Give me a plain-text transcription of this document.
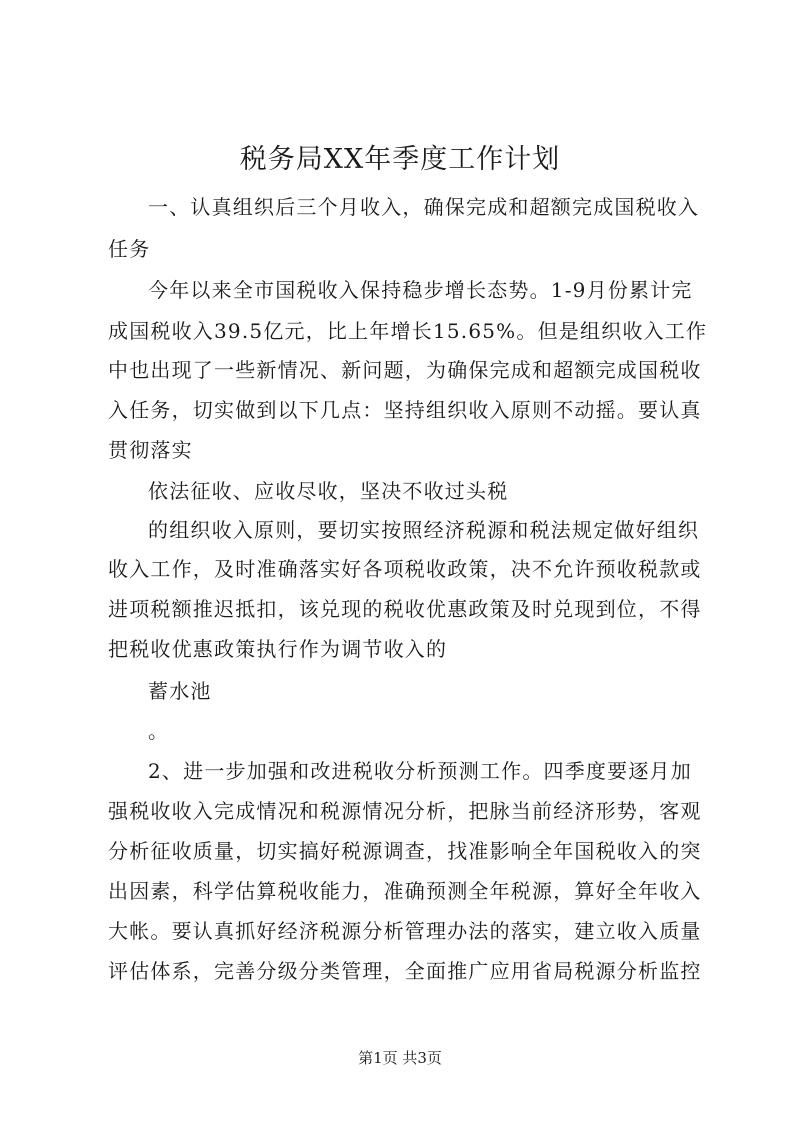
税务局XX年季度工作计划
一、认真组织后三个月收入，确保完成和超额完成国税收入
任务
今年以来全市国税收入保持稳步增长态势。1-9月份累计完
成国税收入39.5亿元，比上年增长15.65%。但是组织收入工作
中也出现了一些新情况、新问题，为确保完成和超额完成国税收
入任务，切实做到以下几点：坚持组织收入原则不动摇。要认真
贯彻落实
依法征收、应收尽收，坚决不收过头税
的组织收入原则，要切实按照经济税源和税法规定做好组织
收入工作，及时准确落实好各项税收政策，决不允许预收税款或
进项税额推迟抵扣，该兑现的税收优惠政策及时兑现到位，不得
把税收优惠政策执行作为调节收入的
蓄水池
。
2、进一步加强和改进税收分析预测工作。四季度要逐月加
强税收收入完成情况和税源情况分析，把脉当前经济形势，客观
分析征收质量，切实搞好税源调查，找准影响全年国税收入的突
出因素，科学估算税收能力，准确预测全年税源，算好全年收入
大帐。要认真抓好经济税源分析管理办法的落实，建立收入质量
评估体系，完善分级分类管理，全面推广应用省局税源分析监控
第1页 共3页
